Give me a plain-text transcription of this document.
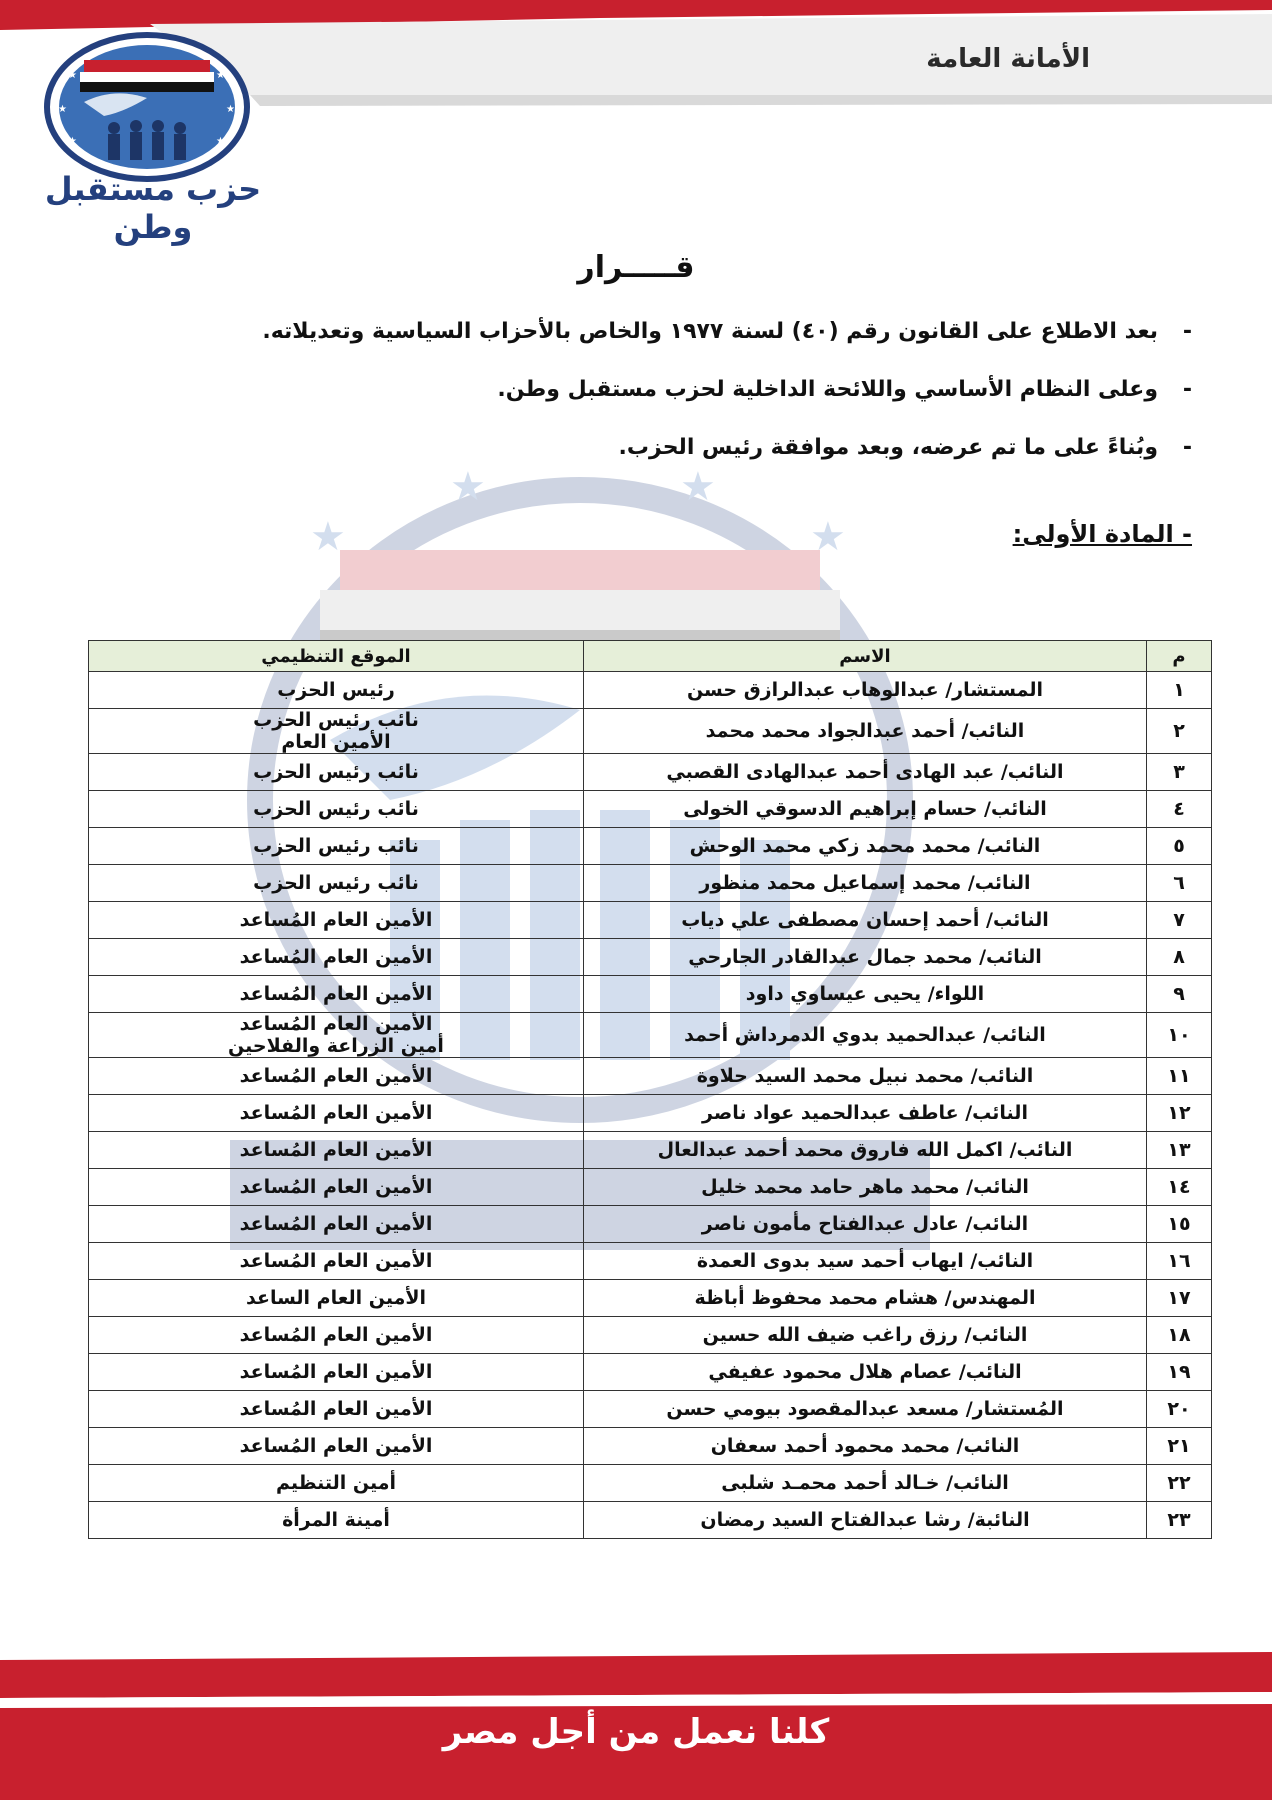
الأمانة العامة
★	★
★	★
★	★
حزب مستقبل وطن
★
★	★
★
قـــــرار
-بعد الاطلاع على القانون رقم (٤٠) لسنة ١٩٧٧ والخاص بالأحزاب السياسية وتعديلاته.
-وعلى النظام الأساسي واللائحة الداخلية لحزب مستقبل وطن.
-وبُناءً على ما تم عرضه، وبعد موافقة رئيس الحزب.
- المادة الأولى:
م	الاسم	الموقع التنظيمي
١	المستشار/ عبدالوهاب عبدالرازق حسن	رئيس الحزب
٢	النائب/ أحمد عبدالجواد محمد محمد	نائب رئيس الحزب
الأمين العام
٣	النائب/ عبد الهادى أحمد عبدالهادى القصبي	نائب رئيس الحزب
٤	النائب/ حسام إبراهيم الدسوقي الخولى	نائب رئيس الحزب
٥	النائب/ محمد محمد زكي محمد الوحش	نائب رئيس الحزب
٦	النائب/ محمد إسماعيل محمد منظور	نائب رئيس الحزب
٧	النائب/ أحمد إحسان مصطفى علي دياب	الأمين العام المُساعد
٨	النائب/ محمد جمال عبدالقادر الجارحي	الأمين العام المُساعد
٩	اللواء/ يحيى عيساوي داود	الأمين العام المُساعد
١٠	النائب/ عبدالحميد بدوي الدمرداش أحمد	الأمين العام المُساعد
أمين الزراعة والفلاحين
١١	النائب/ محمد نبيل محمد السيد حلاوة	الأمين العام المُساعد
١٢	النائب/ عاطف عبدالحميد عواد ناصر	الأمين العام المُساعد
١٣	النائب/ اكمل الله فاروق محمد أحمد عبدالعال	الأمين العام المُساعد
١٤	النائب/ محمد ماهر حامد محمد خليل	الأمين العام المُساعد
١٥	النائب/ عادل عبدالفتاح مأمون ناصر	الأمين العام المُساعد
١٦	النائب/ ايهاب أحمد سيد بدوى العمدة	الأمين العام المُساعد
١٧	المهندس/ هشام محمد محفوظ أباظة	الأمين العام الساعد
١٨	النائب/ رزق راغب ضيف الله حسين	الأمين العام المُساعد
١٩	النائب/ عصام هلال محمود عفيفي	الأمين العام المُساعد
٢٠	المُستشار/ مسعد عبدالمقصود بيومي حسن	الأمين العام المُساعد
٢١	النائب/ محمد محمود أحمد سعفان	الأمين العام المُساعد
٢٢	النائب/ خـالد أحمد محمـد شلبى	أمين التنظيم
٢٣	النائبة/ رشا عبدالفتاح السيد رمضان	أمينة المرأة
كلنا نعمل من أجل مصر
